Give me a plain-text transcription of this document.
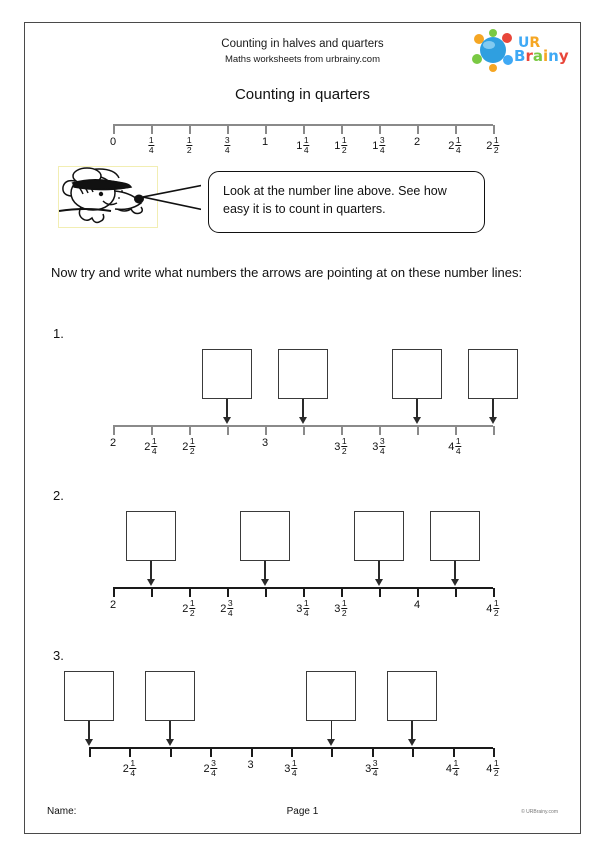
Counting in halves and quarters
Maths worksheets from urbrainy.com
Counting in quarters
UR
Brainy
0	$\frac{1}{4}$	$\frac{1}{2}$	$\frac{3}{4}$	1	$1 \frac{1}{4} 1 \frac{1}{2} 1 \frac{3}{4}$	2	$2 \frac{1}{4} 2 \frac{1}{2}$
Look at the number line above. See how easy it is to count in quarters.
Now try and write what numbers the arrows are pointing at on these number lines:
1.
2	$2 \frac{1}{4} 2 \frac{1}{2}$	3	$3 \frac{1}{2} 3 \frac{3}{4}$	$4 \frac{1}{4}$
2.
2	$2 \frac{1}{2} 2 \frac{3}{4}$	$3 \frac{1}{4} 3 \frac{1}{2}$	4	$4 \frac{1}{2}$
3.
$2 \frac{1}{4}$	$2 \frac{3}{4}$	3	$3 \frac{1}{4}$	$3 \frac{3}{4}$	$4 \frac{1}{4} 4 \frac{1}{2}$
Name:	Page 1	© URBrainy.com
